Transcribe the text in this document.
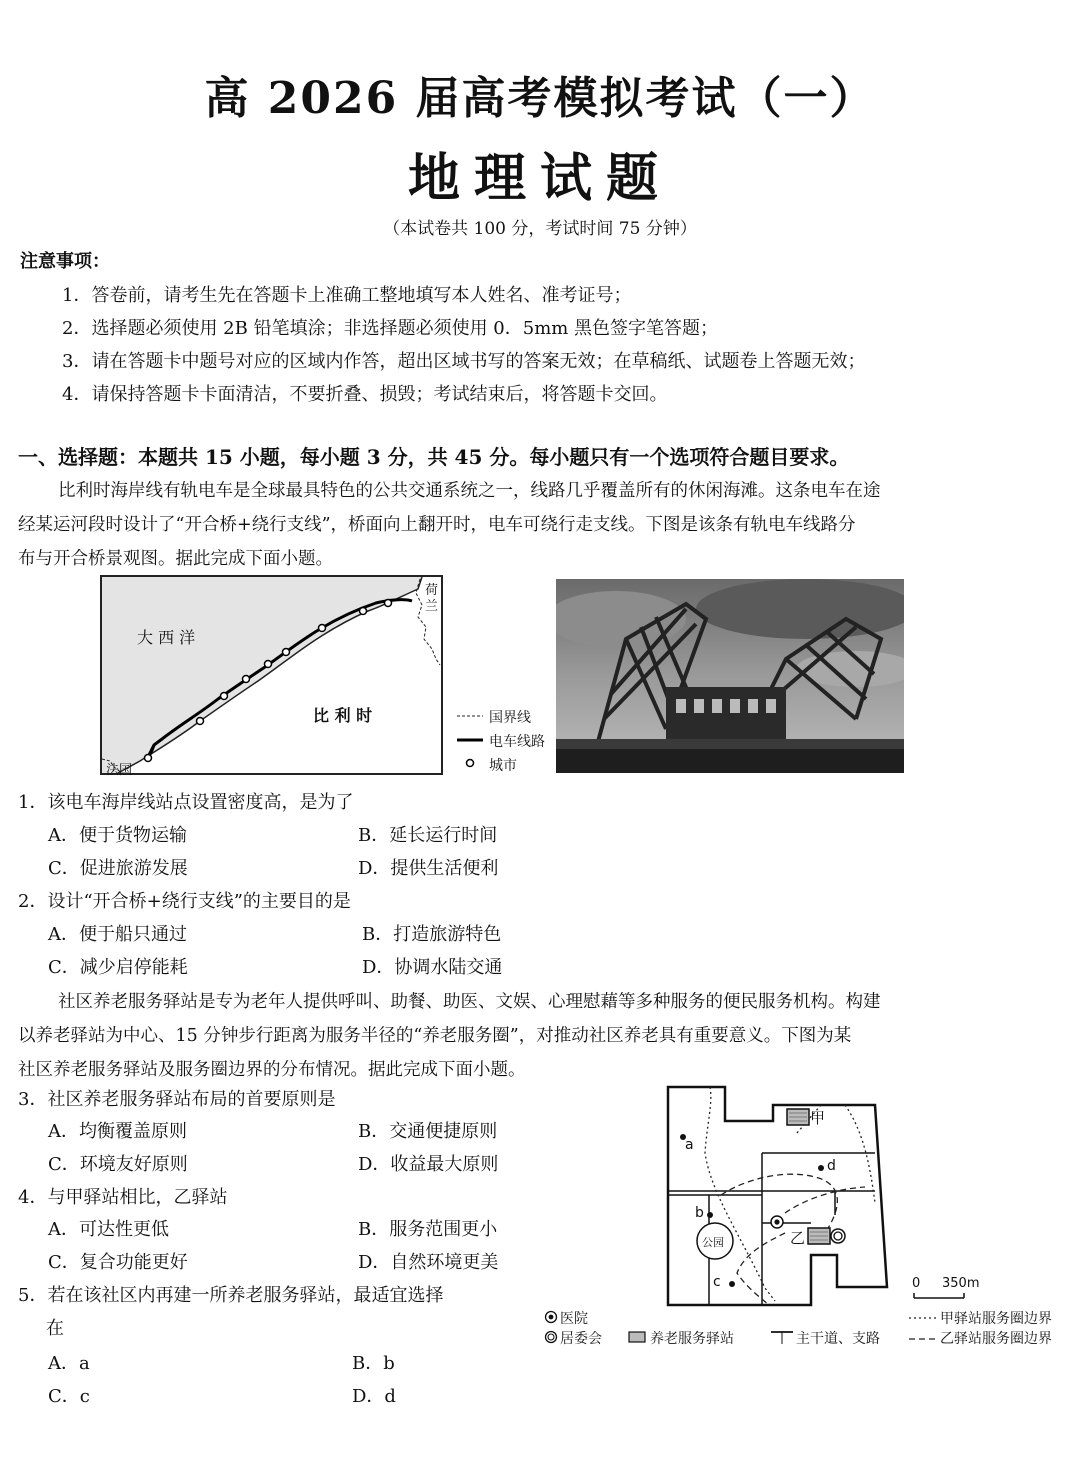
高 2026 届高考模拟考试（一）
地理试题
（本试卷共 100 分，考试时间 75 分钟）
注意事项：
1．答卷前，请考生先在答题卡上准确工整地填写本人姓名、准考证号；
2．选择题必须使用 2B 铅笔填涂；非选择题必须使用 0．5mm 黑色签字笔答题；
3．请在答题卡中题号对应的区域内作答，超出区域书写的答案无效；在草稿纸、试题卷上答题无效；
4．请保持答题卡卡面清洁，不要折叠、损毁；考试结束后，将答题卡交回。
一、选择题：本题共 15 小题，每小题 3 分，共 45 分。每小题只有一个选项符合题目要求。
比利时海岸线有轨电车是全球最具特色的公共交通系统之一，线路几乎覆盖所有的休闲海滩。这条电车在途
经某运河段时设计了“开合桥+绕行支线”，桥面向上翻开时，电车可绕行走支线。下图是该条有轨电车线路分
布与开合桥景观图。据此完成下面小题。
大 西 洋
比 利 时
荷兰
法国
国界线
电车线路
城市
1．该电车海岸线站点设置密度高，是为了
A．便于货物运输	B．延长运行时间
C．促进旅游发展	D．提供生活便利
2．设计“开合桥+绕行支线”的主要目的是
A．便于船只通过	B．打造旅游特色
C．减少启停能耗	D．协调水陆交通
社区养老服务驿站是专为老年人提供呼叫、助餐、助医、文娱、心理慰藉等多种服务的便民服务机构。构建
以养老驿站为中心、15 分钟步行距离为服务半径的“养老服务圈”，对推动社区养老具有重要意义。下图为某
社区养老服务驿站及服务圈边界的分布情况。据此完成下面小题。
3．社区养老服务驿站布局的首要原则是
A．均衡覆盖原则	B．交通便捷原则
C．环境友好原则	D．收益最大原则
4．与甲驿站相比，乙驿站
A．可达性更低	B．服务范围更小
C．复合功能更好	D．自然环境更美
5．若在该社区内再建一所养老服务驿站，最适宜选择
在
A．a	B．b
C．c	D．d
甲
乙
公园
a
b
c
d
0 350m
医院
居委会	养老服务驿站	主干道、支路
甲驿站服务圈边界
乙驿站服务圈边界
